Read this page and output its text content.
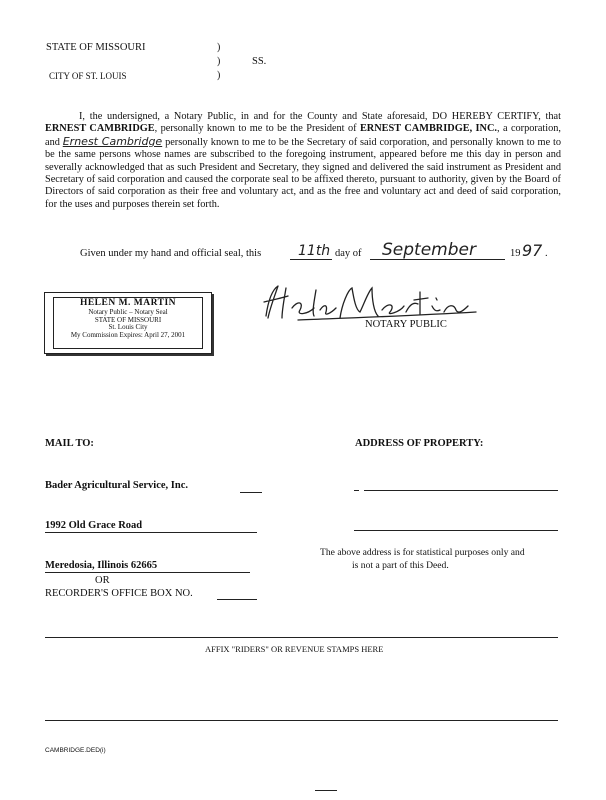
STATE OF MISSOURI
CITY OF ST. LOUIS
)
)
)
SS.
I, the undersigned, a Notary Public, in and for the County and State aforesaid, DO HEREBY CERTIFY, that ERNEST CAMBRIDGE, personally known to me to be the President of ERNEST CAMBRIDGE, INC., a corporation, and Ernest Cambridge personally known to me to be the Secretary of said corporation, and personally known to me to be the same persons whose names are subscribed to the foregoing instrument, appeared before me this day in person and severally acknowledged that as such President and Secretary, they signed and delivered the said instrument as President and Secretary of said corporation and caused the corporate seal to be affixed thereto, pursuant to authority, given by the Board of Directors of said corporation as their free and voluntary act, and as the free and voluntary act and deed of said corporation, for the uses and purposes therein set forth.
Given under my hand and official seal, this	11th day of September	19 97 .
HELEN M. MARTIN
Notary Public – Notary Seal
STATE OF MISSOURI
St. Louis City
My Commission Expires: April 27, 2001
NOTARY PUBLIC
MAIL TO:
Bader Agricultural Service, Inc.
1992 Old Grace Road
Meredosia, Illinois 62665
OR
RECORDER'S OFFICE BOX NO.
ADDRESS OF PROPERTY:
The above address is for statistical purposes only and
is not a part of this Deed.
AFFIX "RIDERS" OR REVENUE STAMPS HERE
CAMBRIDGE.DED(i)
